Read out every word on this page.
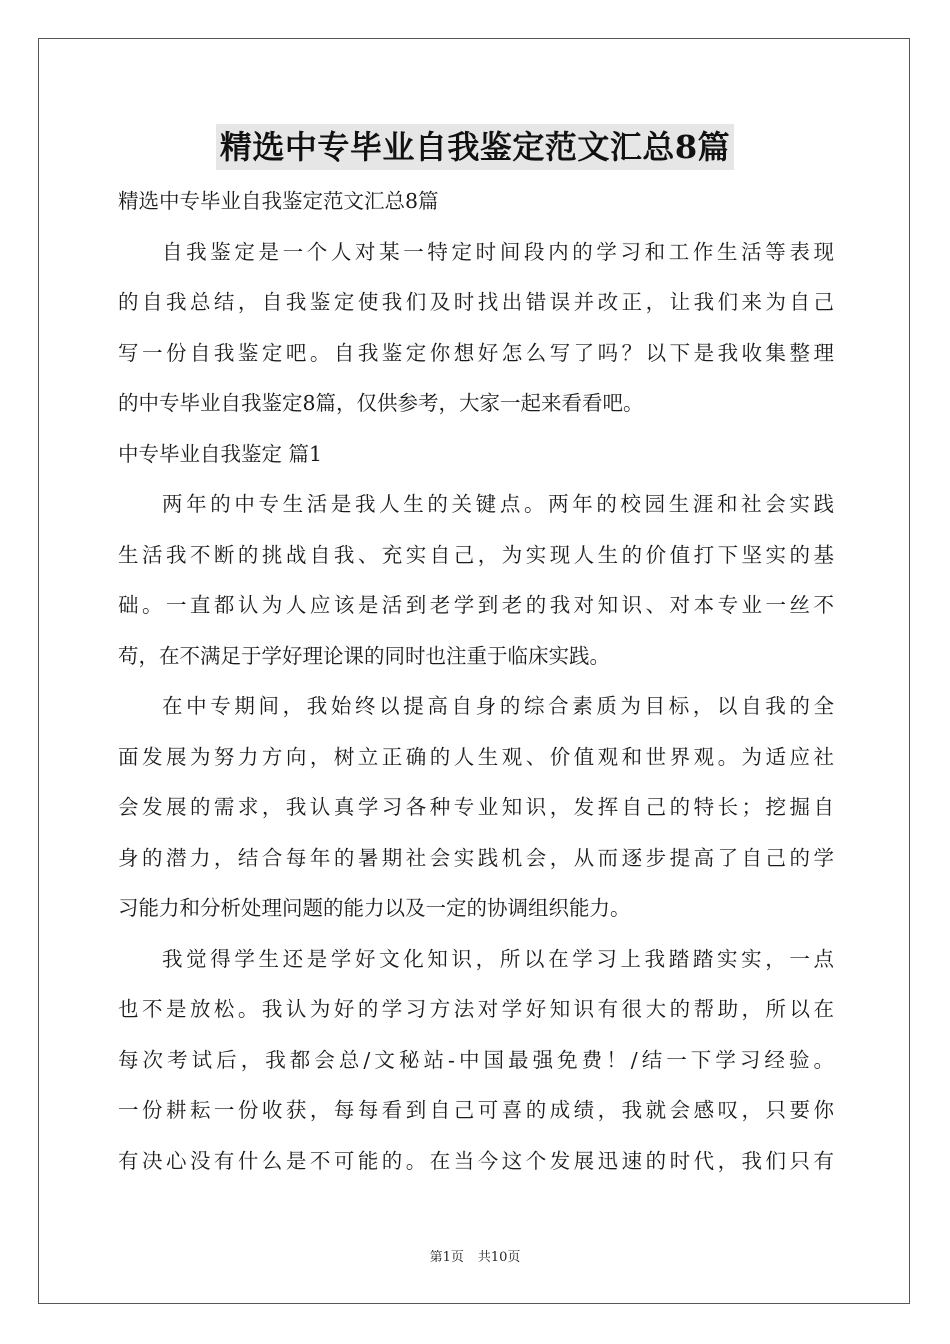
精选中专毕业自我鉴定范文汇总8篇

精选中专毕业自我鉴定范文汇总8篇

自我鉴定是一个人对某一特定时间段内的学习和工作生活等表现

的自我总结，自我鉴定使我们及时找出错误并改正，让我们来为自己

写一份自我鉴定吧。自我鉴定你想好怎么写了吗？以下是我收集整理

的中专毕业自我鉴定8篇，仅供参考，大家一起来看看吧。

中专毕业自我鉴定 篇1

两年的中专生活是我人生的关键点。两年的校园生涯和社会实践

生活我不断的挑战自我、充实自己，为实现人生的价值打下坚实的基

础。一直都认为人应该是活到老学到老的我对知识、对本专业一丝不

苟，在不满足于学好理论课的同时也注重于临床实践。

在中专期间，我始终以提高自身的综合素质为目标，以自我的全

面发展为努力方向，树立正确的人生观、价值观和世界观。为适应社

会发展的需求，我认真学习各种专业知识，发挥自己的特长；挖掘自

身的潜力，结合每年的暑期社会实践机会，从而逐步提高了自己的学

习能力和分析处理问题的能力以及一定的协调组织能力。

我觉得学生还是学好文化知识，所以在学习上我踏踏实实，一点

也不是放松。我认为好的学习方法对学好知识有很大的帮助，所以在

每次考试后，我都会总/文秘站-中国最强免费！/结一下学习经验。

一份耕耘一份收获，每每看到自己可喜的成绩，我就会感叹，只要你

有决心没有什么是不可能的。在当今这个发展迅速的时代，我们只有

第1页 共10页
